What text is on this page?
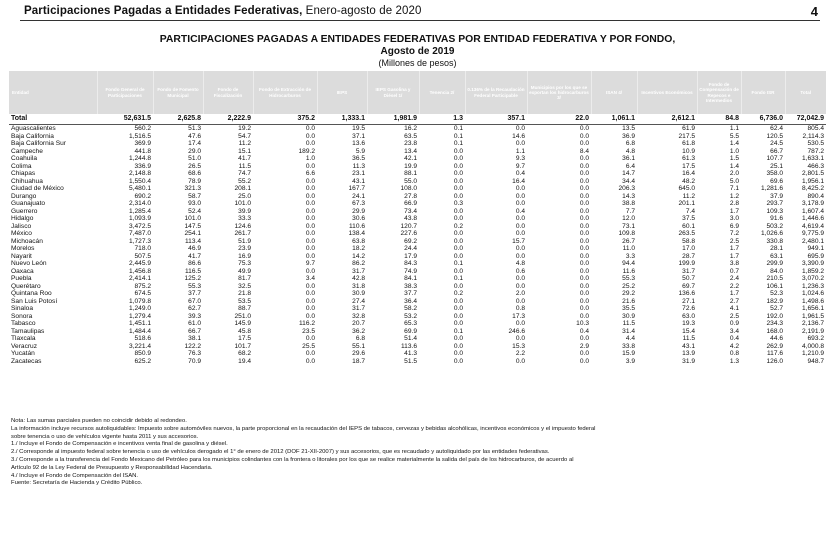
Participaciones Pagadas a Entidades Federativas, Enero-agosto de 2020	4
PARTICIPACIONES PAGADAS A ENTIDADES FEDERATIVAS POR ENTIDAD FEDERATIVA Y POR FONDO,
Agosto de 2019
(Millones de pesos)
Entidad	Fondo General de Participaciones	Fondo de Fomento Municipal	Fondo de Fiscalización	Fondo de Extracción de Hidrocarburos	IEPS	IEPS Gasolina y Diésel 1/	Tenencia 2/	0.136% de la Recaudación Federal Participable	Municipios por los que se exportan los hidrocarburos 3/	ISAN 4/	Incentivos Económicos	Fondo de Compensación de Repecos e Intermedios	Fondo ISR	Total
Total	52,631.5	2,625.8	2,222.9	375.2	1,333.1	1,981.9	1.3	357.1	22.0	1,061.1	2,612.1	84.8	6,736.0	72,042.9
Aguascalientes	560.2	51.3	19.2	0.0	19.5	16.2	0.1	0.0	0.0	13.5	61.9	1.1	62.4	805.4
Baja California	1,516.5	47.6	54.7	0.0	37.1	63.5	0.1	14.6	0.0	36.9	217.5	5.5	120.5	2,114.3
Baja California Sur	369.9	17.4	11.2	0.0	13.6	23.8	0.1	0.0	0.0	6.8	61.8	1.4	24.5	530.5
Campeche	441.8	29.0	15.1	189.2	5.9	13.4	0.0	1.1	8.4	4.8	10.9	1.0	66.7	787.2
Coahuila	1,244.8	51.0	41.7	1.0	36.5	42.1	0.0	9.3	0.0	36.1	61.3	1.5	107.7	1,633.1
Colima	336.9	26.5	11.5	0.0	11.3	19.9	0.0	9.7	0.0	6.4	17.5	1.4	25.1	466.3
Chiapas	2,148.8	68.6	74.7	6.6	23.1	88.1	0.0	0.4	0.0	14.7	16.4	2.0	358.0	2,801.5
Chihuahua	1,550.4	78.9	55.2	0.0	43.1	55.0	0.0	16.4	0.0	34.4	48.2	5.0	69.6	1,956.1
Ciudad de México	5,480.1	321.3	208.1	0.0	167.7	108.0	0.0	0.0	0.0	206.3	645.0	7.1	1,281.6	8,425.2
Durango	690.2	58.7	25.0	0.0	24.1	27.8	0.0	0.0	0.0	14.3	11.2	1.2	37.9	890.4
Guanajuato	2,314.0	93.0	101.0	0.0	67.3	66.9	0.3	0.0	0.0	38.8	201.1	2.8	293.7	3,178.9
Guerrero	1,285.4	52.4	39.9	0.0	29.9	73.4	0.0	0.4	0.0	7.7	7.4	1.7	109.3	1,607.4
Hidalgo	1,093.9	101.0	33.3	0.0	30.6	43.8	0.0	0.0	0.0	12.0	37.5	3.0	91.6	1,446.6
Jalisco	3,472.5	147.5	124.6	0.0	110.6	120.7	0.2	0.0	0.0	73.1	60.1	6.9	503.2	4,619.4
México	7,487.0	254.1	261.7	0.0	138.4	227.6	0.0	0.0	0.0	109.8	263.5	7.2	1,026.6	9,775.9
Michoacán	1,727.3	113.4	51.9	0.0	63.8	69.2	0.0	15.7	0.0	26.7	58.8	2.5	330.8	2,480.1
Morelos	718.0	46.9	23.9	0.0	18.2	24.4	0.0	0.0	0.0	11.0	17.0	1.7	28.1	949.1
Nayarit	507.5	41.7	16.9	0.0	14.2	17.9	0.0	0.0	0.0	3.3	28.7	1.7	63.1	695.9
Nuevo León	2,445.9	86.6	75.3	9.7	86.2	84.3	0.1	4.8	0.0	94.4	199.9	3.8	299.9	3,390.9
Oaxaca	1,456.8	116.5	49.9	0.0	31.7	74.9	0.0	0.6	0.0	11.6	31.7	0.7	84.0	1,859.2
Puebla	2,414.1	125.2	81.7	3.4	42.8	84.1	0.1	0.0	0.0	55.3	50.7	2.4	210.5	3,070.2
Querétaro	875.2	55.3	32.5	0.0	31.8	38.3	0.0	0.0	0.0	25.2	69.7	2.2	106.1	1,236.3
Quintana Roo	674.5	37.7	21.8	0.0	30.9	37.7	0.2	2.0	0.0	29.2	136.6	1.7	52.3	1,024.6
San Luis Potosí	1,079.8	67.0	53.5	0.0	27.4	36.4	0.0	0.0	0.0	21.6	27.1	2.7	182.9	1,498.6
Sinaloa	1,249.0	62.7	88.7	0.0	31.7	58.2	0.0	0.8	0.0	35.5	72.6	4.1	52.7	1,656.1
Sonora	1,279.4	39.3	251.0	0.0	32.8	53.2	0.0	17.3	0.0	30.9	63.0	2.5	192.0	1,961.5
Tabasco	1,451.1	61.0	145.9	116.2	20.7	65.3	0.0	0.0	10.3	11.5	19.3	0.9	234.3	2,136.7
Tamaulipas	1,484.4	66.7	45.8	23.5	36.2	69.9	0.1	246.6	0.4	31.4	15.4	3.4	168.0	2,191.9
Tlaxcala	518.6	38.1	17.5	0.0	6.8	51.4	0.0	0.0	0.0	4.4	11.5	0.4	44.6	693.2
Veracruz	3,221.4	122.2	101.7	25.5	55.1	113.6	0.0	15.3	2.9	33.8	43.1	4.2	262.9	4,000.8
Yucatán	850.9	76.3	68.2	0.0	29.6	41.3	0.0	2.2	0.0	15.9	13.9	0.8	117.6	1,210.9
Zacatecas	625.2	70.9	19.4	0.0	18.7	51.5	0.0	0.0	0.0	3.9	31.9	1.3	126.0	948.7
Nota: Las sumas parciales pueden no coincidir debido al redondeo.
La información incluye recursos autoliquidables: Impuesto sobre automóviles nuevos, la parte proporcional en la recaudación del IEPS de tabacos, cervezas y bebidas alcohólicas, incentivos económicos y el impuesto federal
sobre tenencia o uso de vehículos vigente hasta 2011 y sus accesorios.
1./ Incluye el Fondo de Compensación e incentivos venta final de gasolina y diésel.
2./ Corresponde al impuesto federal sobre tenencia o uso de vehículos derogado el 1° de enero de 2012 (DOF 21-XII-2007) y sus accesorios, que es recaudado y autoliquidado por las entidades federativas.
3./ Corresponde a la transferencia del Fondo Mexicano del Petróleo para los municipios colindantes con la frontera o litorales por los que se realice materialmente la salida del país de los hidrocarburos, de acuerdo al
Artículo 92 de la Ley Federal de Presupuesto y Responsabilidad Hacendaria.
4./ Incluye el Fondo de Compensación del ISAN.
Fuente: Secretaría de Hacienda y Crédito Público.
